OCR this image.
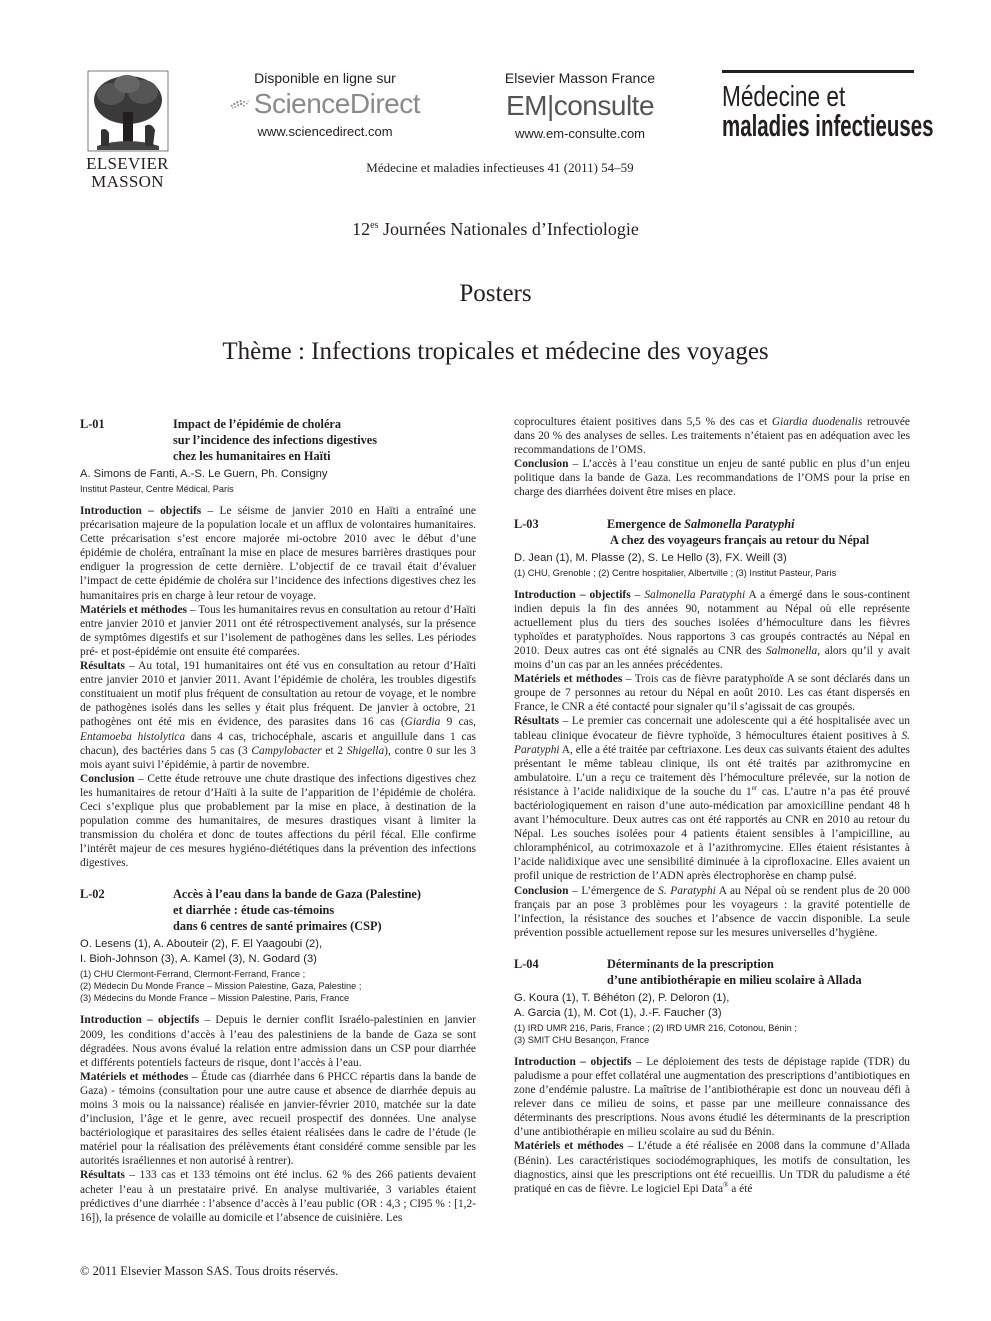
ELSEVIER
MASSON
Disponible en ligne sur
ScienceDirect
www.sciencedirect.com
Elsevier Masson France
EM|consulte
www.em-consulte.com
Médecine et
maladies infectieuses
Médecine et maladies infectieuses 41 (2011) 54–59
$12^{es}$ Journées Nationales d’Infectiologie
Posters
Thème : Infections tropicales et médecine des voyages
L-01	Impact de l’épidémie de choléra
sur l’incidence des infections digestives
chez les humanitaires en Haïti
A. Simons de Fanti, A.-S. Le Guern, Ph. Consigny
Institut Pasteur, Centre Médical, Paris

Introduction – objectifs – Le séisme de janvier 2010 en Haïti a entraîné une précarisation majeure de la population locale et un afflux de volontaires humanitaires. Cette précarisation s’est encore majorée mi-octobre 2010 avec le début d’une épidémie de choléra, entraînant la mise en place de mesures barrières drastiques pour endiguer la progression de cette dernière. L’objectif de ce travail était d’évaluer l’impact de cette épidémie de choléra sur l’incidence des infections digestives chez les humanitaires pris en charge à leur retour de voyage.

Matériels et méthodes – Tous les humanitaires revus en consultation au retour d’Haïti entre janvier 2010 et janvier 2011 ont été rétrospectivement analysés, sur la présence de symptômes digestifs et sur l’isolement de pathogènes dans les selles. Les périodes pré- et post-épidémie ont ensuite été comparées.

Résultats – Au total, 191 humanitaires ont été vus en consultation au retour d’Haïti entre janvier 2010 et janvier 2011. Avant l’épidémie de choléra, les troubles digestifs constituaient un motif plus fréquent de consultation au retour de voyage, et le nombre de pathogènes isolés dans les selles y était plus fréquent. De janvier à octobre, 21 pathogènes ont été mis en évidence, des parasites dans 16 cas (Giardia 9 cas, Entamoeba histolytica dans 4 cas, trichocéphale, ascaris et anguillule dans 1 cas chacun), des bactéries dans 5 cas (3 Campylobacter et 2 Shigella), contre 0 sur les 3 mois ayant suivi l’épidémie, à partir de novembre.

Conclusion – Cette étude retrouve une chute drastique des infections digestives chez les humanitaires de retour d’Haïti à la suite de l’apparition de l’épidémie de choléra. Ceci s’explique plus que probablement par la mise en place, à destination de la population comme des humanitaires, de mesures drastiques visant à limiter la transmission du choléra et donc de toutes affections du péril fécal. Elle confirme l’intérêt majeur de ces mesures hygiéno-diététiques dans la prévention des infections digestives.

L-02	Accès à l’eau dans la bande de Gaza (Palestine)
et diarrhée : étude cas-témoins
dans 6 centres de santé primaires (CSP)
O. Lesens (1), A. Abouteir (2), F. El Yaagoubi (2),
I. Bioh-Johnson (3), A. Kamel (3), N. Godard (3)
(1) CHU Clermont-Ferrand, Clermont-Ferrand, France ;
(2) Médecin Du Monde France – Mission Palestine, Gaza, Palestine ;
(3) Médecins du Monde France – Mission Palestine, Paris, France

Introduction – objectifs – Depuis le dernier conflit Israélo-palestinien en janvier 2009, les conditions d’accès à l’eau des palestiniens de la bande de Gaza se sont dégradées. Nous avons évalué la relation entre admission dans un CSP pour diarrhée et différents potentiels facteurs de risque, dont l’accès à l’eau.

Matériels et méthodes – Étude cas (diarrhée dans 6 PHCC répartis dans la bande de Gaza) - témoins (consultation pour une autre cause et absence de diarrhée depuis au moins 3 mois ou la naissance) réalisée en janvier-février 2010, matchée sur la date d’inclusion, l’âge et le genre, avec recueil prospectif des données. Une analyse bactériologique et parasitaires des selles étaient réalisées dans le cadre de l’étude (le matériel pour la réalisation des prélèvements étant considéré comme sensible par les autorités israéliennes et non autorisé à rentrer).

Résultats – 133 cas et 133 témoins ont été inclus. 62 % des 266 patients devaient acheter l’eau à un prestataire privé. En analyse multivariée, 3 variables étaient prédictives d’une diarrhée : l’absence d’accès à l’eau public (OR : 4,3 ; CI95 % : [1,2-16]), la présence de volaille au domicile et l’absence de cuisinière. Les

coprocultures étaient positives dans 5,5 % des cas et Giardia duodenalis retrouvée dans 20 % des analyses de selles. Les traitements n’étaient pas en adéquation avec les recommandations de l’OMS.

Conclusion – L’accès à l’eau constitue un enjeu de santé public en plus d’un enjeu politique dans la bande de Gaza. Les recommandations de l’OMS pour la prise en charge des diarrhées doivent être mises en place.

L-03	Emergence de Salmonella Paratyphi
A chez des voyageurs français au retour du Népal
D. Jean (1), M. Plasse (2), S. Le Hello (3), FX. Weill (3)
(1) CHU, Grenoble ; (2) Centre hospitalier, Albertville ; (3) Institut Pasteur, Paris

Introduction – objectifs – Salmonella Paratyphi A a émergé dans le sous-continent indien depuis la fin des années 90, notamment au Népal où elle représente actuellement plus du tiers des souches isolées d’hémoculture dans les fièvres typhoïdes et paratyphoïdes. Nous rapportons 3 cas groupés contractés au Népal en 2010. Deux autres cas ont été signalés au CNR des Salmonella, alors qu’il y avait moins d’un cas par an les années précédentes.

Matériels et méthodes – Trois cas de fièvre paratyphoïde A se sont déclarés dans un groupe de 7 personnes au retour du Népal en août 2010. Les cas étant dispersés en France, le CNR a été contacté pour signaler qu’il s’agissait de cas groupés.

Résultats – Le premier cas concernait une adolescente qui a été hospitalisée avec un tableau clinique évocateur de fièvre typhoïde, 3 hémocultures étaient positives à S. Paratyphi A, elle a été traitée par ceftriaxone. Les deux cas suivants étaient des adultes présentant le même tableau clinique, ils ont été traités par azithromycine en ambulatoire. L’un a reçu ce traitement dès l’hémoculture prélevée, sur la notion de résistance à l’acide nalidixique de la souche du 1er cas. L’autre n’a pas été prouvé bactériologiquement en raison d’une auto-médication par amoxicilline pendant 48 h avant l’hémoculture. Deux autres cas ont été rapportés au CNR en 2010 au retour du Népal. Les souches isolées pour 4 patients étaient sensibles à l’ampicilline, au chloramphénicol, au cotrimoxazole et à l’azithromycine. Elles étaient résistantes à l’acide nalidixique avec une sensibilité diminuée à la ciprofloxacine. Elles avaient un profil unique de restriction de l’ADN après électrophorèse en champ pulsé.

Conclusion – L’émergence de S. Paratyphi A au Népal où se rendent plus de 20 000 français par an pose 3 problèmes pour les voyageurs : la gravité potentielle de l’infection, la résistance des souches et l’absence de vaccin disponible. La seule prévention possible actuellement repose sur les mesures universelles d’hygiène.

L-04	Déterminants de la prescription
d’une antibiothérapie en milieu scolaire à Allada
G. Koura (1), T. Béhéton (2), P. Deloron (1),
A. Garcia (1), M. Cot (1), J.-F. Faucher (3)
(1) IRD UMR 216, Paris, France ; (2) IRD UMR 216, Cotonou, Bénin ;
(3) SMIT CHU Besançon, France

Introduction – objectifs – Le déploiement des tests de dépistage rapide (TDR) du paludisme a pour effet collatéral une augmentation des prescriptions d’antibiotiques en zone d’endémie palustre. La maîtrise de l’antibiothérapie est donc un nouveau défi à relever dans ce milieu de soins, et passe par une meilleure connaissance des déterminants des prescriptions. Nous avons étudié les déterminants de la prescription d’une antibiothérapie en milieu scolaire au sud du Bénin.

Matériels et méthodes – L’étude a été réalisée en 2008 dans la commune d’Allada (Bénin). Les caractéristiques sociodémographiques, les motifs de consultation, les diagnostics, ainsi que les prescriptions ont été recueillis. Un TDR du paludisme a été pratiqué en cas de fièvre. Le logiciel Epi Data® a été

© 2011 Elsevier Masson SAS. Tous droits réservés.
